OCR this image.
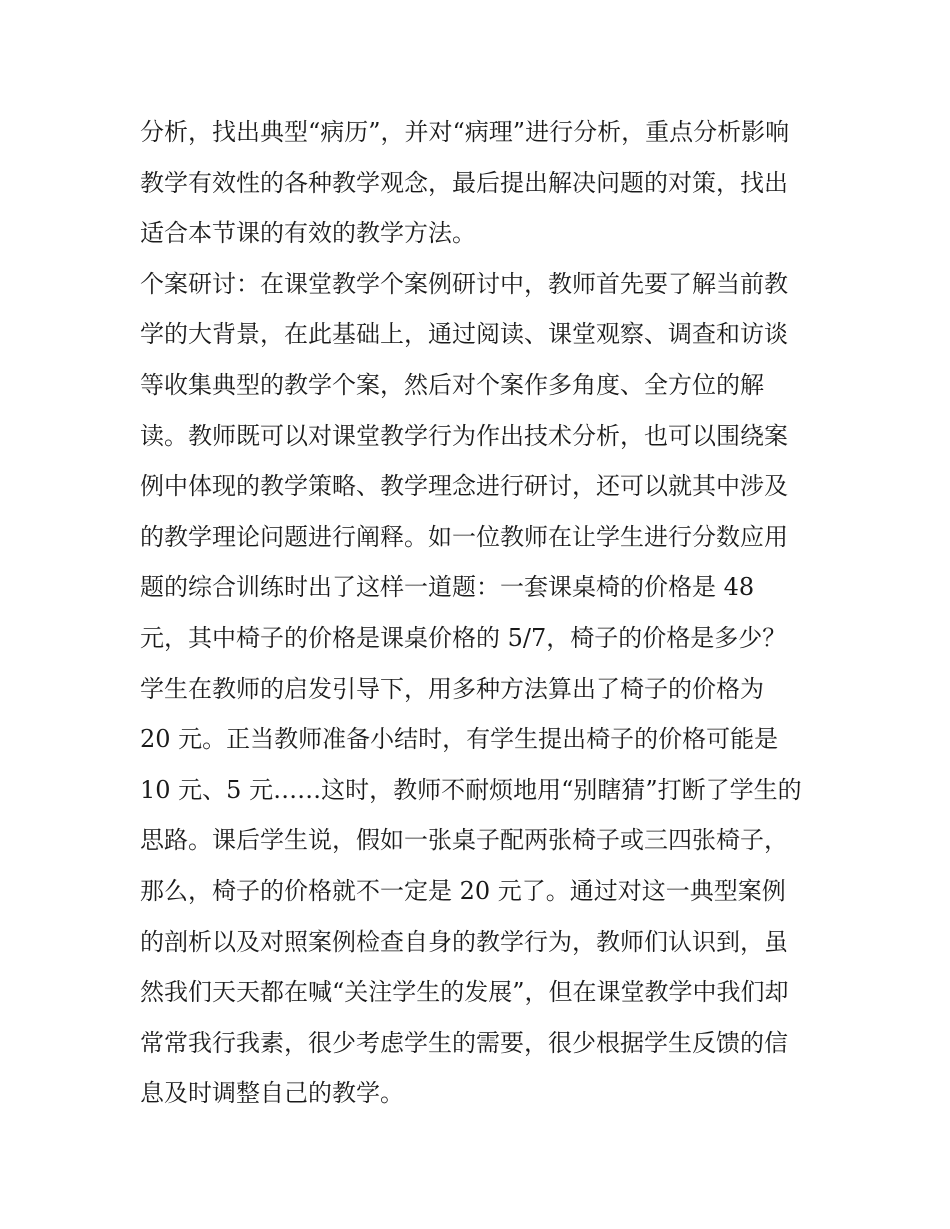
分析，找出典型“病历”，并对“病理”进行分析，重点分析影响
教学有效性的各种教学观念，最后提出解决问题的对策，找出
适合本节课的有效的教学方法。
个案研讨：在课堂教学个案例研讨中，教师首先要了解当前教
学的大背景，在此基础上，通过阅读、课堂观察、调查和访谈
等收集典型的教学个案，然后对个案作多角度、全方位的解
读。教师既可以对课堂教学行为作出技术分析，也可以围绕案
例中体现的教学策略、教学理念进行研讨，还可以就其中涉及
的教学理论问题进行阐释。如一位教师在让学生进行分数应用
题的综合训练时出了这样一道题：一套课桌椅的价格是 48
元，其中椅子的价格是课桌价格的 5/7，椅子的价格是多少？
学生在教师的启发引导下，用多种方法算出了椅子的价格为
20 元。正当教师准备小结时，有学生提出椅子的价格可能是
10 元、5 元……这时，教师不耐烦地用“别瞎猜”打断了学生的
思路。课后学生说，假如一张桌子配两张椅子或三四张椅子，
那么，椅子的价格就不一定是 20 元了。通过对这一典型案例
的剖析以及对照案例检查自身的教学行为，教师们认识到，虽
然我们天天都在喊“关注学生的发展”，但在课堂教学中我们却
常常我行我素，很少考虑学生的需要，很少根据学生反馈的信
息及时调整自己的教学。
